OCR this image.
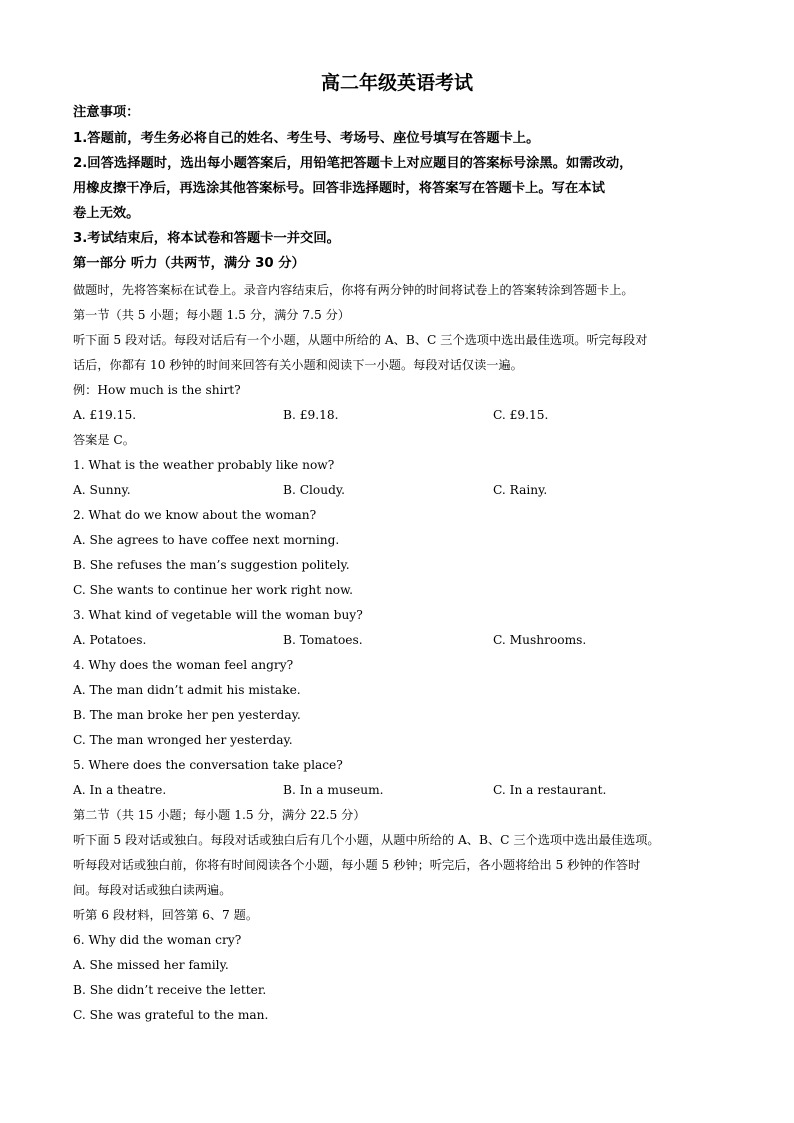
高二年级英语考试
注意事项：
1.答题前，考生务必将自己的姓名、考生号、考场号、座位号填写在答题卡上。
2.回答选择题时，选出每小题答案后，用铅笔把答题卡上对应题目的答案标号涂黑。如需改动，
用橡皮擦干净后，再选涂其他答案标号。回答非选择题时，将答案写在答题卡上。写在本试
卷上无效。
3.考试结束后，将本试卷和答题卡一并交回。
第一部分 听力（共两节，满分 30 分）
做题时，先将答案标在试卷上。录音内容结束后，你将有两分钟的时间将试卷上的答案转涂到答题卡上。
第一节（共 5 小题；每小题 1.5 分，满分 7.5 分）
听下面 5 段对话。每段对话后有一个小题，从题中所给的 A、B、C 三个选项中选出最佳选项。听完每段对
话后，你都有 10 秒钟的时间来回答有关小题和阅读下一小题。每段对话仅读一遍。
例：How much is the shirt?
A. £19.15.	B. £9.18.	C. £9.15.
答案是 C。
1. What is the weather probably like now?
A. Sunny.	B. Cloudy.	C. Rainy.
2. What do we know about the woman?
A. She agrees to have coffee next morning.
B. She refuses the man’s suggestion politely.
C. She wants to continue her work right now.
3. What kind of vegetable will the woman buy?
A. Potatoes.	B. Tomatoes.	C. Mushrooms.
4. Why does the woman feel angry?
A. The man didn’t admit his mistake.
B. The man broke her pen yesterday.
C. The man wronged her yesterday.
5. Where does the conversation take place?
A. In a theatre.	B. In a museum.	C. In a restaurant.
第二节（共 15 小题；每小题 1.5 分，满分 22.5 分）
听下面 5 段对话或独白。每段对话或独白后有几个小题，从题中所给的 A、B、C 三个选项中选出最佳选项。
听每段对话或独白前，你将有时间阅读各个小题，每小题 5 秒钟；听完后，各小题将给出 5 秒钟的作答时
间。每段对话或独白读两遍。
听第 6 段材料，回答第 6、7 题。
6. Why did the woman cry?
A. She missed her family.
B. She didn’t receive the letter.
C. She was grateful to the man.
